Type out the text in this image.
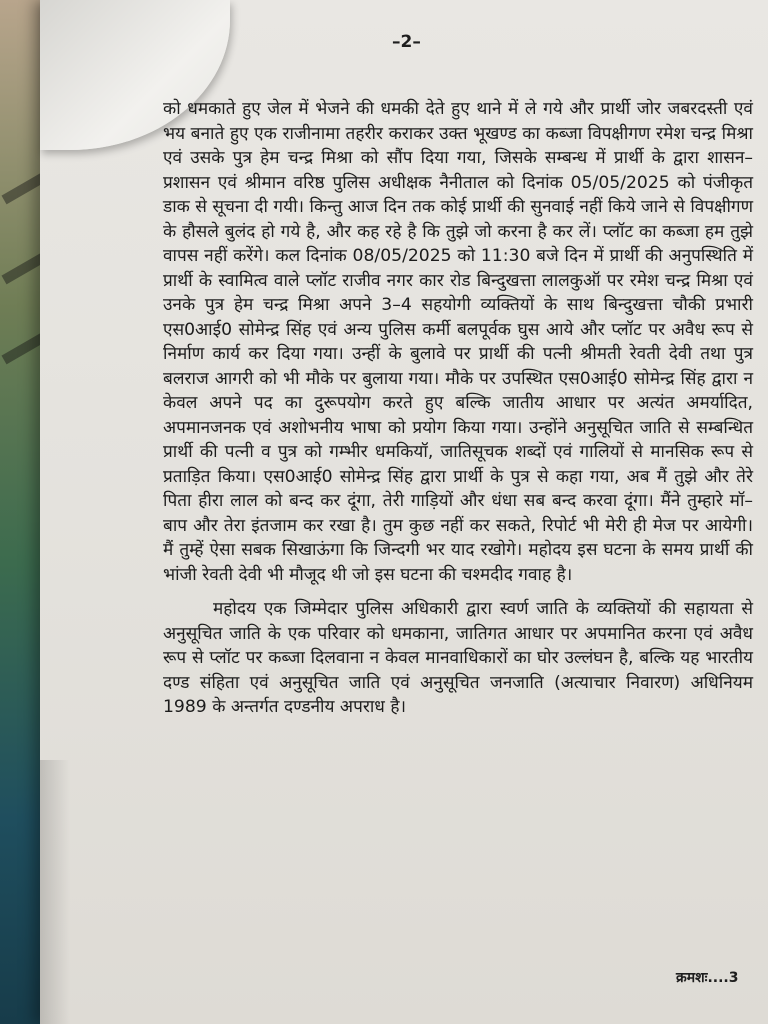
–2–

को धमकाते हुए जेल में भेजने की धमकी देते हुए थाने में ले गये और प्रार्थी जोर जबरदस्ती एवं भय बनाते हुए एक राजीनामा तहरीर कराकर उक्त भूखण्ड का कब्जा विपक्षीगण रमेश चन्द्र मिश्रा एवं उसके पुत्र हेम चन्द्र मिश्रा को सौंप दिया गया, जिसके सम्बन्ध में प्रार्थी के द्वारा शासन–प्रशासन एवं श्रीमान वरिष्ठ पुलिस अधीक्षक नैनीताल को दिनांक 05/05/2025 को पंजीकृत डाक से सूचना दी गयी। किन्तु आज दिन तक कोई प्रार्थी की सुनवाई नहीं किये जाने से विपक्षीगण के हौसले बुलंद हो गये है, और कह रहे है कि तुझे जो करना है कर लें। प्लॉट का कब्जा हम तुझे वापस नहीं करेंगे। कल दिनांक 08/05/2025 को 11:30 बजे दिन में प्रार्थी की अनुपस्थिति में प्रार्थी के स्वामित्व वाले प्लॉट राजीव नगर कार रोड बिन्दुखत्ता लालकुऑ पर रमेश चन्द्र मिश्रा एवं उनके पुत्र हेम चन्द्र मिश्रा अपने 3–4 सहयोगी व्यक्तियों के साथ बिन्दुखत्ता चौकी प्रभारी एस0आई0 सोमेन्द्र सिंह एवं अन्य पुलिस कर्मी बलपूर्वक घुस आये और प्लॉट पर अवैध रूप से निर्माण कार्य कर दिया गया। उन्हीं के बुलावे पर प्रार्थी की पत्नी श्रीमती रेवती देवी तथा पुत्र बलराज आगरी को भी मौके पर बुलाया गया। मौके पर उपस्थित एस0आई0 सोमेन्द्र सिंह द्वारा न केवल अपने पद का दुरूपयोग करते हुए बल्कि जातीय आधार पर अत्यंत अमर्यादित, अपमानजनक एवं अशोभनीय भाषा को प्रयोग किया गया। उन्होंने अनुसूचित जाति से सम्बन्धित प्रार्थी की पत्नी व पुत्र को गम्भीर धमकियॉ, जातिसूचक शब्दों एवं गालियों से मानसिक रूप से प्रताड़ित किया। एस0आई0 सोमेन्द्र सिंह द्वारा प्रार्थी के पुत्र से कहा गया, अब मैं तुझे और तेरे पिता हीरा लाल को बन्द कर दूंगा, तेरी गाड़ियों और धंधा सब बन्द करवा दूंगा। मैंने तुम्हारे मॉ–बाप और तेरा इंतजाम कर रखा है। तुम कुछ नहीं कर सकते, रिपोर्ट भी मेरी ही मेज पर आयेगी। मैं तुम्हें ऐसा सबक सिखाऊंगा कि जिन्दगी भर याद रखोगे। महोदय इस घटना के समय प्रार्थी की भांजी रेवती देवी भी मौजूद थी जो इस घटना की चश्मदीद गवाह है।

महोदय एक जिम्मेदार पुलिस अधिकारी द्वारा स्वर्ण जाति के व्यक्तियों की सहायता से अनुसूचित जाति के एक परिवार को धमकाना, जातिगत आधार पर अपमानित करना एवं अवैध रूप से प्लॉट पर कब्जा दिलवाना न केवल मानवाधिकारों का घोर उल्लंघन है, बल्कि यह भारतीय दण्ड संहिता एवं अनुसूचित जाति एवं अनुसूचित जनजाति (अत्याचार निवारण) अधिनियम 1989 के अन्तर्गत दण्डनीय अपराध है।

क्रमशः....3
